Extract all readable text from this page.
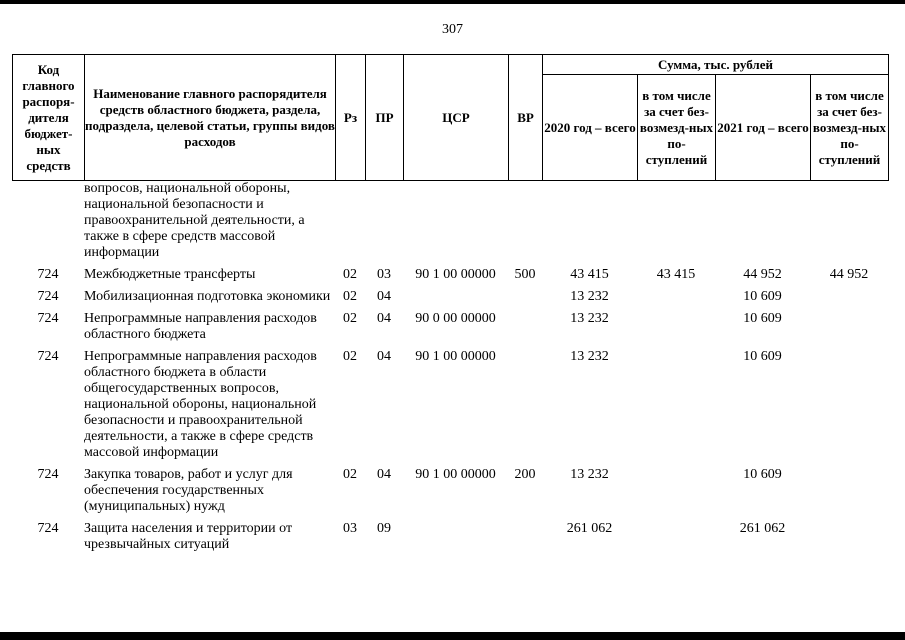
307
Код главного распоря-дителя бюджет-ных средств	Наименование главного распорядителя средств областного бюджета, раздела, подраздела, целевой статьи, группы видов расходов	Рз	ПР	ЦСР	ВР	Сумма, тыс. рублей			
						2020 год – всего	в том числе за счет без-возмезд-ных по-ступлений	2021 год – всего	в том числе за счет без-возмезд-ных по-ступлений
	вопросов, национальной обороны, национальной безопасности и правоохранительной деятельности, а также в сфере средств массовой информации								
724	Межбюджетные трансферты	02	03	90 1 00 00000	500	43 415	43 415	44 952	44 952
724	Мобилизационная подготовка экономики	02	04			13 232		10 609	
724	Непрограммные направления расходов областного бюджета	02	04	90 0 00 00000		13 232		10 609	
724	Непрограммные направления расходов областного бюджета в области общегосударственных вопросов, национальной обороны, национальной безопасности и правоохранительной деятельности, а также в сфере средств массовой информации	02	04	90 1 00 00000		13 232		10 609	
724	Закупка товаров, работ и услуг для обеспечения государственных (муниципальных) нужд	02	04	90 1 00 00000	200	13 232		10 609	
724	Защита населения и территории от чрезвычайных ситуаций	03	09			261 062		261 062	
